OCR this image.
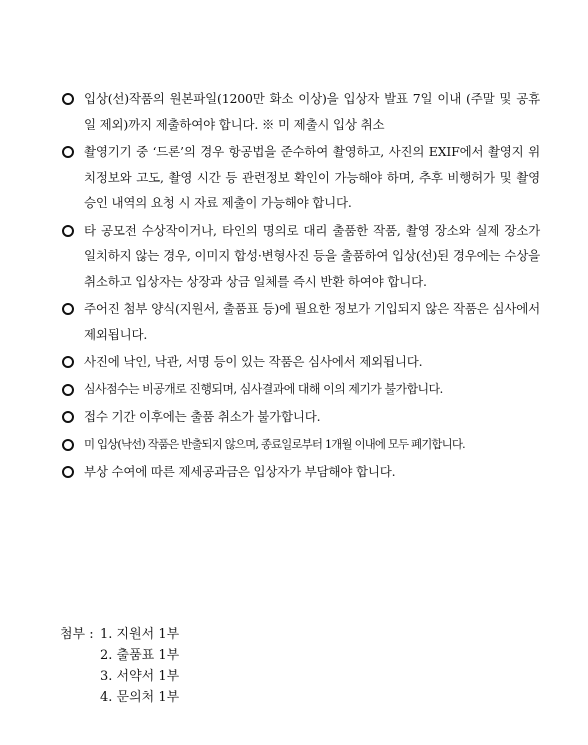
입상(선)작품의 원본파일(1200만 화소 이상)을 입상자 발표 7일 이내 (주말 및 공휴일 제외)까지 제출하여야 합니다. ※ 미 제출시 입상 취소
촬영기기 중 ‘드론’의 경우 항공법을 준수하여 촬영하고, 사진의 EXIF에서 촬영지 위치정보와 고도, 촬영 시간 등 관련정보 확인이 가능해야 하며, 추후 비행허가 및 촬영승인 내역의 요청 시 자료 제출이 가능해야 합니다.
타 공모전 수상작이거나, 타인의 명의로 대리 출품한 작품, 촬영 장소와 실제 장소가 일치하지 않는 경우, 이미지 합성·변형사진 등을 출품하여 입상(선)된 경우에는 수상을 취소하고 입상자는 상장과 상금 일체를 즉시 반환 하여야 합니다.
주어진 첨부 양식(지원서, 출품표 등)에 필요한 정보가 기입되지 않은 작품은 심사에서 제외됩니다.
사진에 낙인, 낙관, 서명 등이 있는 작품은 심사에서 제외됩니다.
심사점수는 비공개로 진행되며, 심사결과에 대해 이의 제기가 불가합니다.
접수 기간 이후에는 출품 취소가 불가합니다.
미 입상(낙선) 작품은 반출되지 않으며, 종료일로부터 1개월 이내에 모두 폐기합니다.
부상 수여에 따른 제세공과금은 입상자가 부담해야 합니다.
첨부 : 1. 지원서 1부
2. 출품표 1부
3. 서약서 1부
4. 문의처 1부
